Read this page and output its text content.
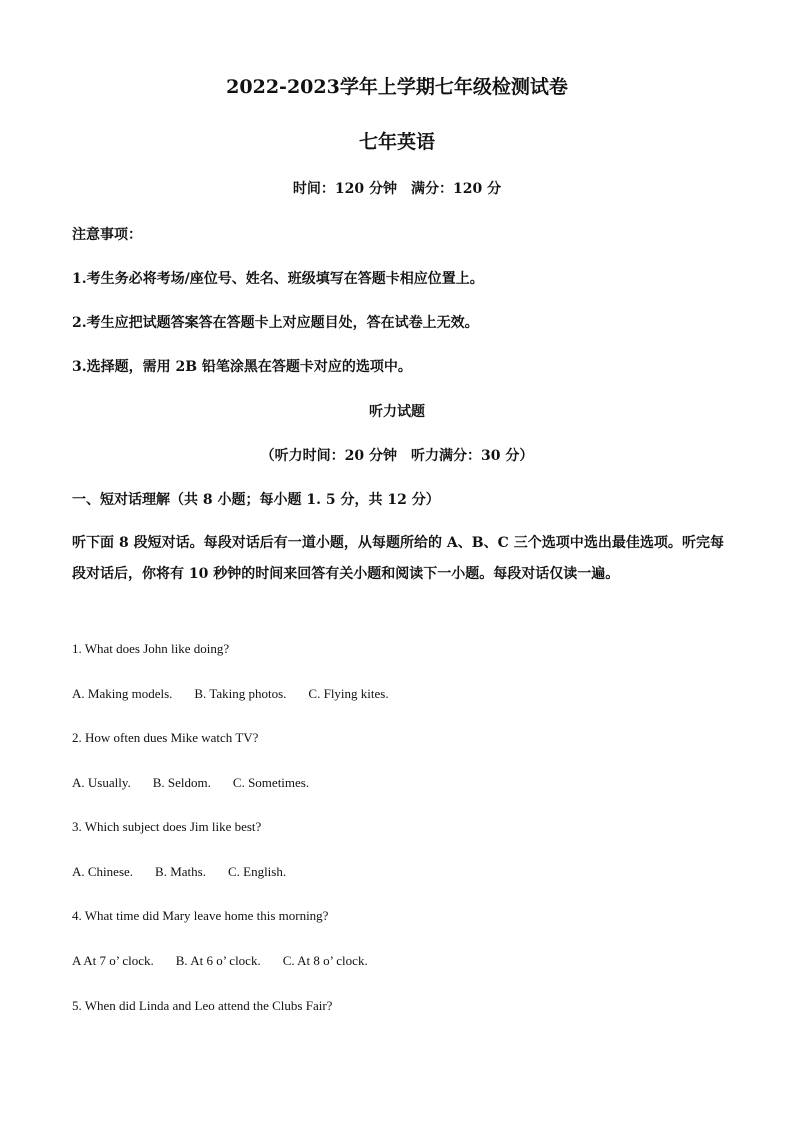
2022-2023学年上学期七年级检测试卷
七年英语
时间：120 分钟　满分：120 分
注意事项：
1.考生务必将考场/座位号、姓名、班级填写在答题卡相应位置上。
2.考生应把试题答案答在答题卡上对应题目处，答在试卷上无效。
3.选择题，需用 2B 铅笔涂黑在答题卡对应的选项中。
听力试题
（听力时间：20 分钟　听力满分：30 分）
一、短对话理解（共 8 小题；每小题 1. 5 分，共 12 分）
听下面 8 段短对话。每段对话后有一道小题，从每题所给的 A、B、C 三个选项中选出最佳选项。听完每段对话后，你将有 10 秒钟的时间来回答有关小题和阅读下一小题。每段对话仅读一遍。
1. What does John like doing?
A. Making models. B. Taking photos. C. Flying kites.
2. How often dues Mike watch TV?
A. Usually. B. Seldom. C. Sometimes.
3. Which subject does Jim like best?
A. Chinese. B. Maths. C. English.
4. What time did Mary leave home this morning?
A At 7 o’ clock. B. At 6 o’ clock. C. At 8 o’ clock.
5. When did Linda and Leo attend the Clubs Fair?
